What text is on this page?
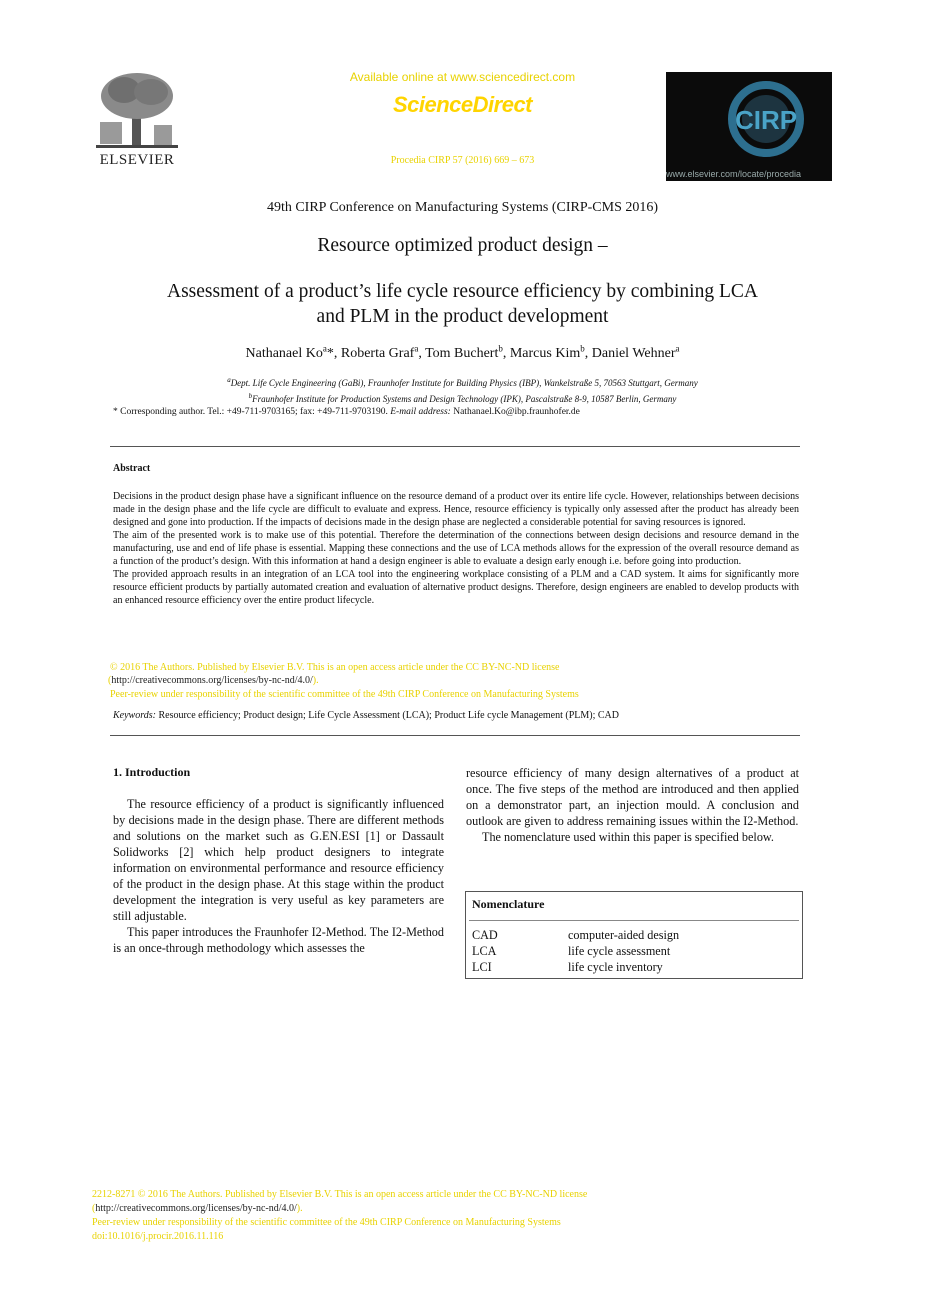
ELSEVIER
Available online at www.sciencedirect.com
ScienceDirect
Procedia CIRP 57 (2016) 669 – 673
CIRP
www.elsevier.com/locate/procedia
49th CIRP Conference on Manufacturing Systems (CIRP-CMS 2016)
Resource optimized product design –
Assessment of a product’s life cycle resource efficiency by combining LCA
and PLM in the product development
Nathanael Ko$^a$*, Roberta Graf$^a$, Tom Buchert$^b$, Marcus Kim$^b$, Daniel Wehner$^a$
$^a$Dept. Life Cycle Engineering (GaBi), Fraunhofer Institute for Building Physics (IBP), Wankelstraße 5, 70563 Stuttgart, Germany
$^b$Fraunhofer Institute for Production Systems and Design Technology (IPK), Pascalstraße 8-9, 10587 Berlin, Germany
* Corresponding author. Tel.: +49-711-9703165; fax: +49-711-9703190. E-mail address: Nathanael.Ko@ibp.fraunhofer.de
Abstract

Decisions in the product design phase have a significant influence on the resource demand of a product over its entire life cycle. However, relationships between decisions made in the design phase and the life cycle are difficult to evaluate and express. Hence, resource efficiency is typically only assessed after the product has already been designed and gone into production. If the impacts of decisions made in the design phase are neglected a considerable potential for saving resources is ignored.

The aim of the presented work is to make use of this potential. Therefore the determination of the connections between design decisions and resource demand in the manufacturing, use and end of life phase is essential. Mapping these connections and the use of LCA methods allows for the expression of the overall resource demand as a function of the product’s design. With this information at hand a design engineer is able to evaluate a design early enough i.e. before going into production.

The provided approach results in an integration of an LCA tool into the engineering workplace consisting of a PLM and a CAD system. It aims for significantly more resource efficient products by partially automated creation and evaluation of alternative product designs. Therefore, design engineers are enabled to develop products with an enhanced resource efficiency over the entire product lifecycle.

© 2016 The Authors. Published by Elsevier B.V. This is an open access article under the CC BY-NC-ND license
(http://creativecommons.org/licenses/by-nc-nd/4.0/).
Peer-review under responsibility of the scientific committee of the 49th CIRP Conference on Manufacturing Systems
Keywords: Resource efficiency; Product design; Life Cycle Assessment (LCA); Product Life cycle Management (PLM); CAD
1. Introduction

The resource efficiency of a product is significantly influenced by decisions made in the design phase. There are different methods and solutions on the market such as G.EN.ESI [1] or Dassault Solidworks [2] which help product designers to integrate information on environmental performance and resource efficiency of the product in the design phase. At this stage within the product development the integration is very useful as key parameters are still adjustable.

This paper introduces the Fraunhofer I2-Method. The I2-Method is an once-through methodology which assesses the

resource efficiency of many design alternatives of a product at once. The five steps of the method are introduced and then applied on a demonstrator part, an injection mould. A conclusion and outlook are given to address remaining issues within the I2-Method.

The nomenclature used within this paper is specified below.

Nomenclature
CAD	computer-aided design
LCA	life cycle assessment
LCI	life cycle inventory
2212-8271 © 2016 The Authors. Published by Elsevier B.V. This is an open access article under the CC BY-NC-ND license
(http://creativecommons.org/licenses/by-nc-nd/4.0/).
Peer-review under responsibility of the scientific committee of the 49th CIRP Conference on Manufacturing Systems
doi:10.1016/j.procir.2016.11.116
